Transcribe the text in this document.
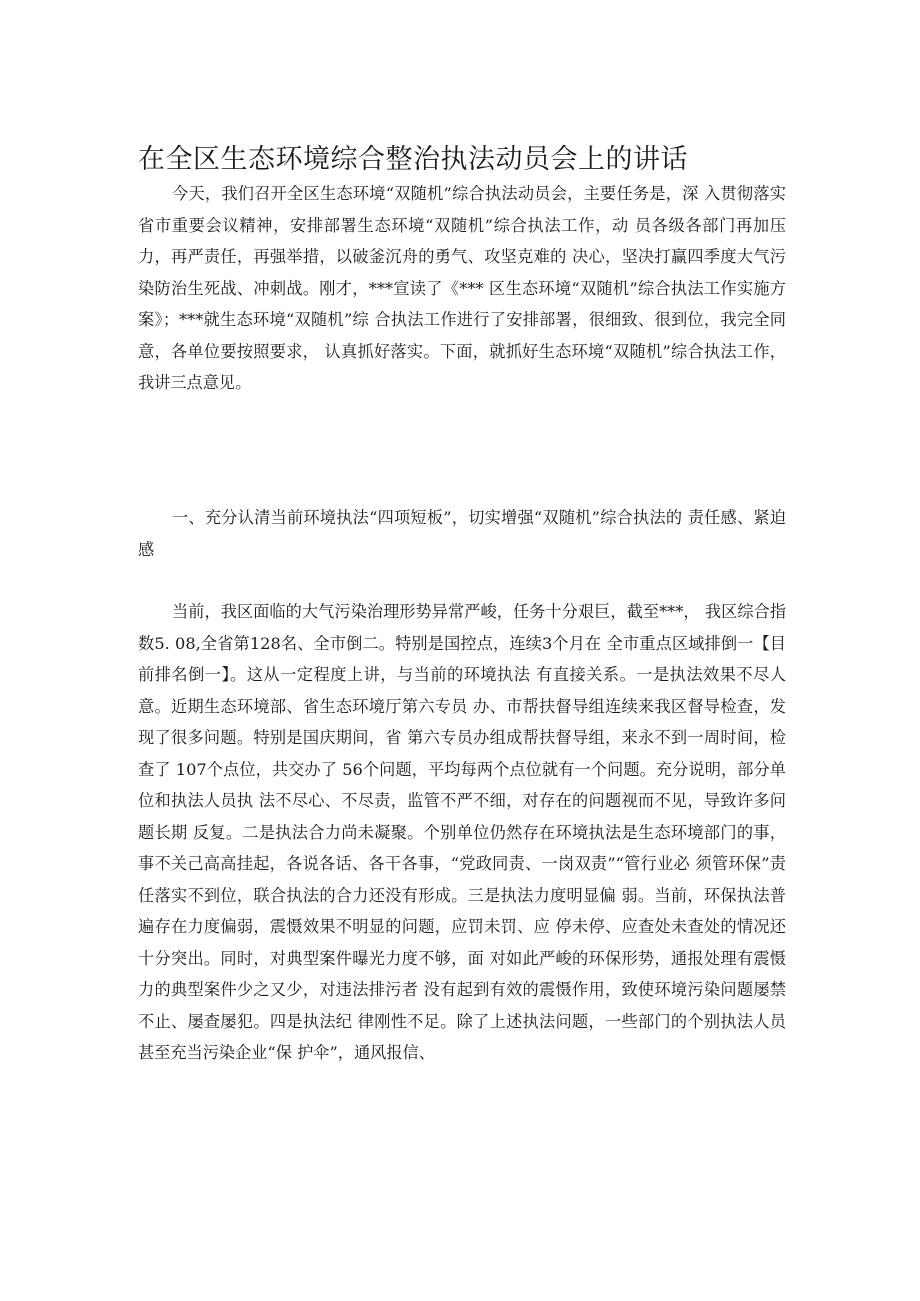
在全区生态环境综合整治执法动员会上的讲话

今天，我们召开全区生态环境“双随机”综合执法动员会，主要任务是，深 入贯彻落实省市重要会议精神，安排部署生态环境“双随机”综合执法工作，动 员各级各部门再加压力，再严责任，再强举措，以破釜沉舟的勇气、攻坚克难的 决心，坚决打赢四季度大气污染防治生死战、冲刺战。刚才，***宣读了《*** 区生态环境“双随机”综合执法工作实施方案》；***就生态环境“双随机”综 合执法工作进行了安排部署，很细致、很到位，我完全同意，各单位要按照要求， 认真抓好落实。下面，就抓好生态环境“双随机”综合执法工作，我讲三点意见。

一、充分认清当前环境执法“四项短板”，切实增强“双随机”综合执法的 责任感、紧迫感

当前，我区面临的大气污染治理形势异常严峻，任务十分艰巨，截至***， 我区综合指数5. 08,全省第128名、全市倒二。特别是国控点，连续3个月在 全市重点区域排倒一【目前排名倒一】。这从一定程度上讲，与当前的环境执法 有直接关系。一是执法效果不尽人意。近期生态环境部、省生态环境厅第六专员 办、市帮扶督导组连续来我区督导检查，发现了很多问题。特别是国庆期间，省 第六专员办组成帮扶督导组，来永不到一周时间，检查了 107个点位，共交办了 56个问题，平均每两个点位就有一个问题。充分说明，部分单位和执法人员执 法不尽心、不尽责，监管不严不细，对存在的问题视而不见，导致许多问题长期 反复。二是执法合力尚未凝聚。个别单位仍然存在环境执法是生态环境部门的事， 事不关己高高挂起，各说各话、各干各事，“党政同责、一岗双责”“管行业必 须管环保”责任落实不到位，联合执法的合力还没有形成。三是执法力度明显偏 弱。当前，环保执法普遍存在力度偏弱，震慑效果不明显的问题，应罚未罚、应 停未停、应查处未查处的情况还十分突出。同时，对典型案件曝光力度不够，面 对如此严峻的环保形势，通报处理有震慑力的典型案件少之又少，对违法排污者 没有起到有效的震慑作用，致使环境污染问题屡禁不止、屡查屡犯。四是执法纪 律刚性不足。除了上述执法问题，一些部门的个别执法人员甚至充当污染企业“保 护伞”，通风报信、
